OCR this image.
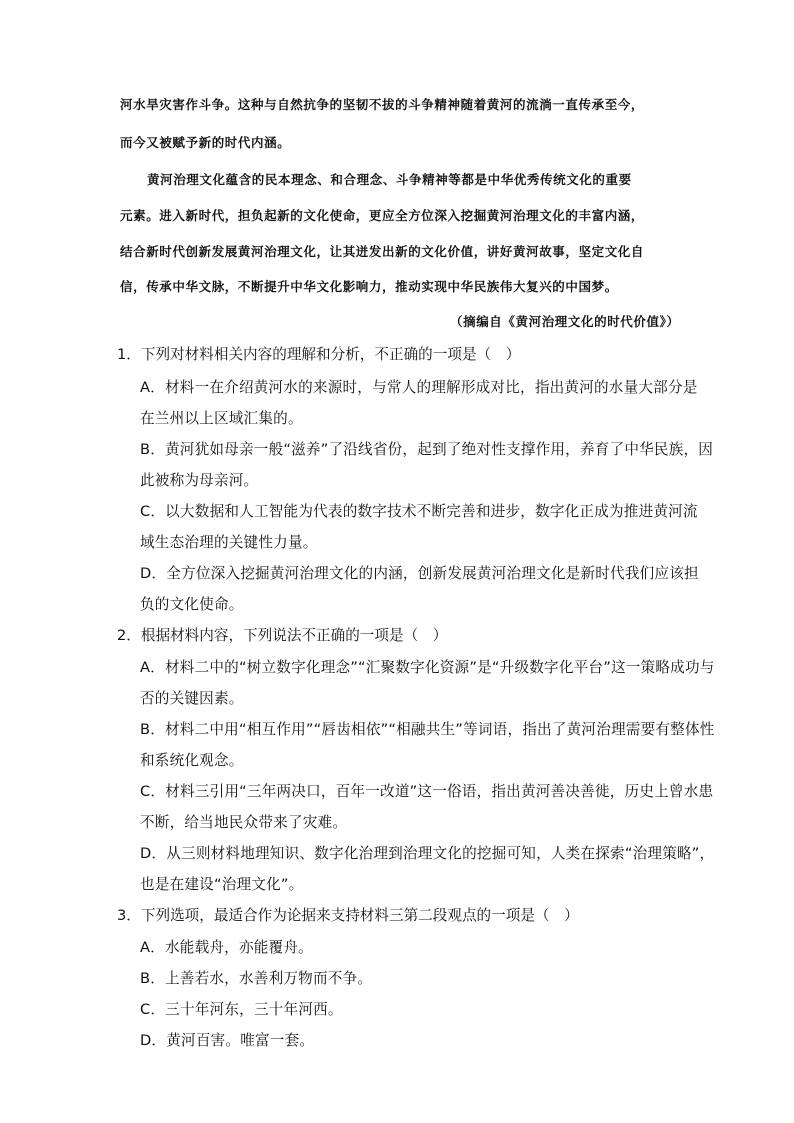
河水旱灾害作斗争。这种与自然抗争的坚韧不拔的斗争精神随着黄河的流淌一直传承至今，
而今又被赋予新的时代内涵。
黄河治理文化蕴含的民本理念、和合理念、斗争精神等都是中华优秀传统文化的重要
元素。进入新时代，担负起新的文化使命，更应全方位深入挖掘黄河治理文化的丰富内涵，
结合新时代创新发展黄河治理文化，让其迸发出新的文化价值，讲好黄河故事，坚定文化自
信，传承中华文脉，不断提升中华文化影响力，推动实现中华民族伟大复兴的中国梦。
（摘编自《黄河治理文化的时代价值》）
1．下列对材料相关内容的理解和分析，不正确的一项是（　）
A．材料一在介绍黄河水的来源时，与常人的理解形成对比，指出黄河的水量大部分是
在兰州以上区域汇集的。
B．黄河犹如母亲一般“滋养”了沿线省份，起到了绝对性支撑作用，养育了中华民族，因
此被称为母亲河。
C．以大数据和人工智能为代表的数字技术不断完善和进步，数字化正成为推进黄河流
域生态治理的关键性力量。
D．全方位深入挖掘黄河治理文化的内涵，创新发展黄河治理文化是新时代我们应该担
负的文化使命。
2．根据材料内容，下列说法不正确的一项是（　）
A．材料二中的“树立数字化理念”“汇聚数字化资源”是“升级数字化平台”这一策略成功与
否的关键因素。
B．材料二中用“相互作用”“唇齿相依”“相融共生”等词语，指出了黄河治理需要有整体性
和系统化观念。
C．材料三引用“三年两决口，百年一改道”这一俗语，指出黄河善决善徙，历史上曾水患
不断，给当地民众带来了灾难。
D．从三则材料地理知识、数字化治理到治理文化的挖掘可知，人类在探索“治理策略”，
也是在建设“治理文化”。
3．下列选项，最适合作为论据来支持材料三第二段观点的一项是（　）
A．水能载舟，亦能覆舟。
B．上善若水，水善利万物而不争。
C．三十年河东，三十年河西。
D．黄河百害。唯富一套。
